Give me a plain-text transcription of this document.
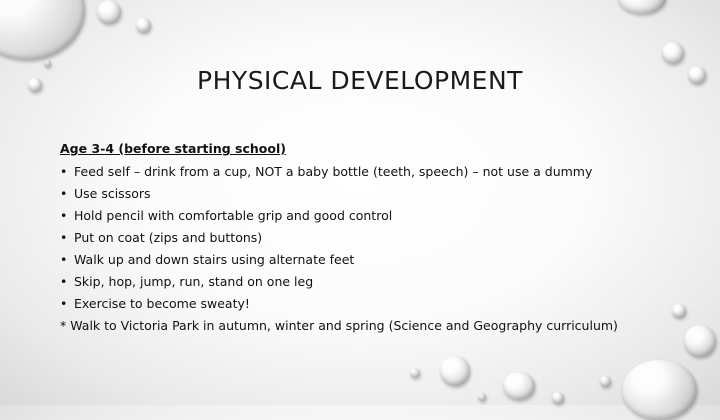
PHYSICAL DEVELOPMENT
Age 3-4 (before starting school)
• Feed self – drink from a cup, NOT a baby bottle (teeth, speech) – not use a dummy
• Use scissors
• Hold pencil with comfortable grip and good control
• Put on coat (zips and buttons)
• Walk up and down stairs using alternate feet
• Skip, hop, jump, run, stand on one leg
• Exercise to become sweaty!

* Walk to Victoria Park in autumn, winter and spring (Science and Geography curriculum)
